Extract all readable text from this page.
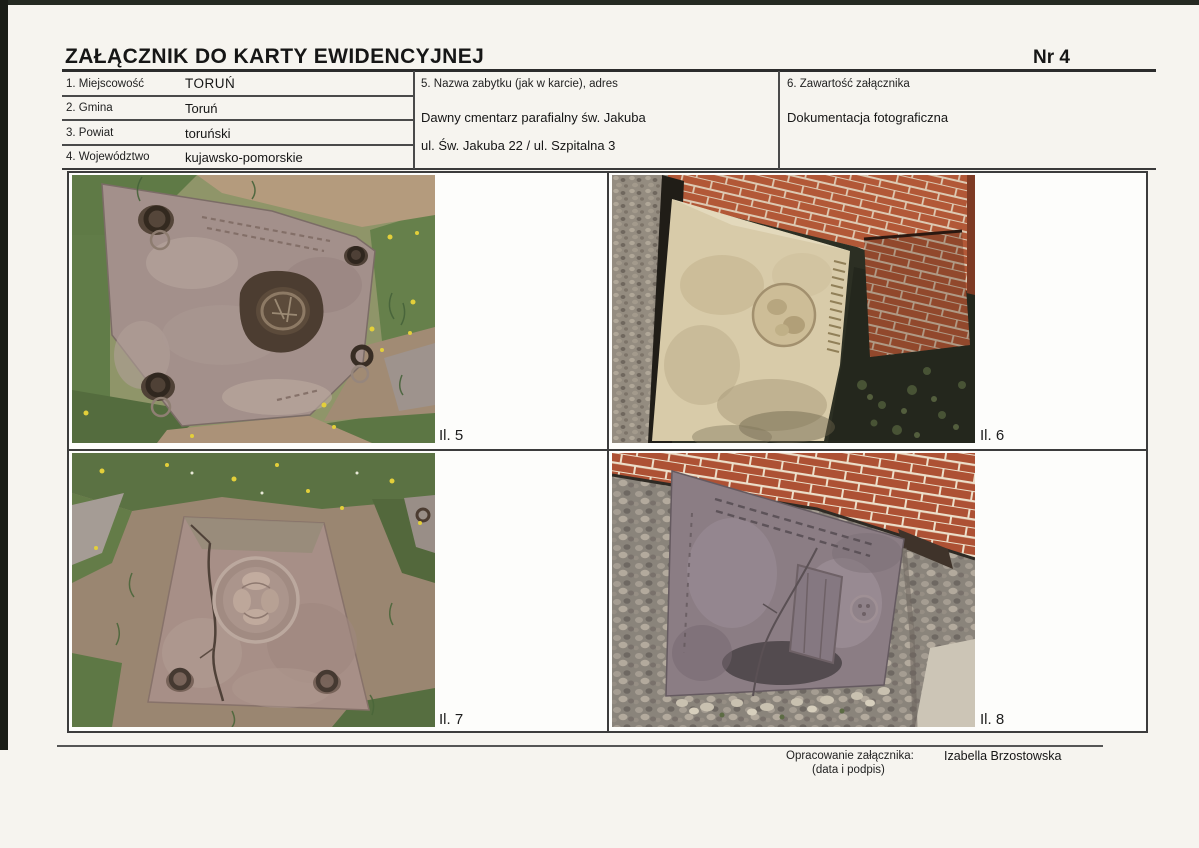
ZAŁĄCZNIK DO KARTY EWIDENCYJNEJ	Nr 4
1. Miejscowość	TORUŃ
2. Gmina	Toruń
3. Powiat	toruński
4. Województwo	kujawsko-pomorskie
5. Nazwa zabytku (jak w karcie), adres
Dawny cmentarz parafialny św. Jakuba
ul. Św. Jakuba 22 / ul. Szpitalna 3
6. Zawartość załącznika
Dokumentacja fotograficzna
Il. 5	Il. 6
Il. 7	Il. 8
Opracowanie załącznika:
(data i podpis)
Izabella Brzostowska
